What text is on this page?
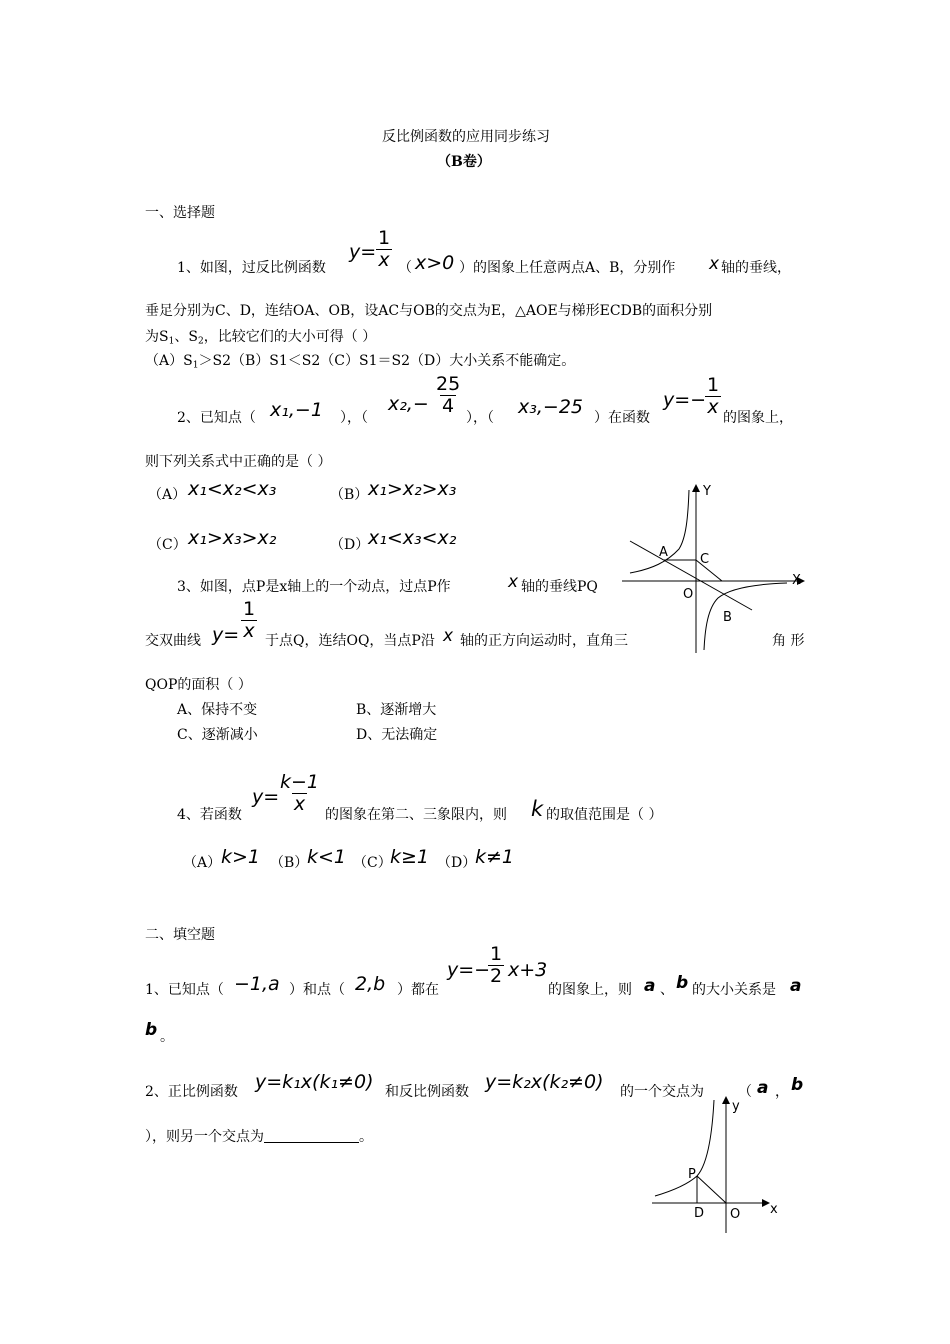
反比例函数的应用同步练习
（B卷）
一、选择题
1、如图，过反比例函数
$y= \frac{1}{x}$ （ x>0 ）的图象上任意两点A、B，分别作 x 轴的垂线，
垂足分别为C、D，连结OA、OB，设AC与OB的交点为E，△AOE与梯形ECDB的面积分别
为$S_1$、$S_2$，比较它们的大小可得（ ）
$(A)S_1>S2(B)S1<S2(C)S1=S2(D)$大小关系不能确定。
2、已知点（ x₁,−1 ），（
$x_2,- \frac{25}{4}$
），（ x₃,−25 ）在函数
y=−
$\frac{1}{x}$
的图象上，
则下列关系式中正确的是（ ）
（A） x₁<x₂<x₃	（B） x₁>x₂>x₃
（C） x₁>x₃>x₂	（D）
x₁<x₃<x₂
Y
A C
X
O
B
3、如图，点P是x轴上的一个动点，过点P作	x 轴的垂线PQ
交双曲线 $y= \frac{1}{x}$ 于点Q，连结OQ，当点P沿 x 轴的正方向运动时，直角三	角 形
QOP的面积（ ）
A、保持不变	B、逐渐增大
C、逐渐减小	D、无法确定
4、若函数
y=
$\frac{k-1}{x}$
的图象在第二、三象限内，则 k 的取值范围是（ ）
（A） k>1 （B）
k<1 （C）
k≥1 （D）
k≠1
二、填空题
1、已知点（ −1,a ）和点（ 2,b ）都在
y=−
$\frac{1}{2} x+3$
的图象上，则 a 、 b 的大小关系是 a
b 。
2、正比例函数 y=k₁x(k₁≠0) 和反比例函数 y=k₂x(k₂≠0) 的一个交点为 （ a ， b
），则另一个交点为	。
y
P
D O x
